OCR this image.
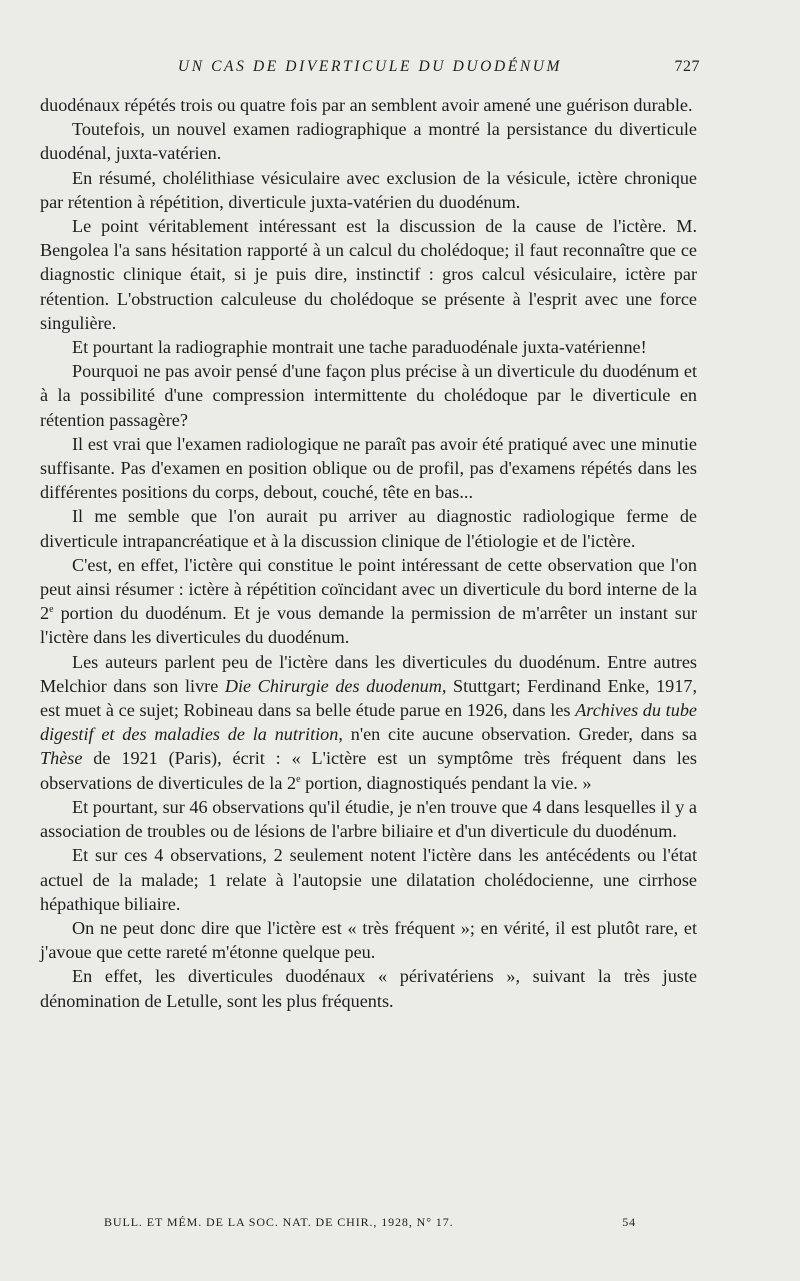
UN CAS DE DIVERTICULE DU DUODÉNUM	727

duodénaux répétés trois ou quatre fois par an semblent avoir amené une guérison durable.

Toutefois, un nouvel examen radiographique a montré la persistance du diverticule duodénal, juxta-vatérien.

En résumé, cholélithiase vésiculaire avec exclusion de la vésicule, ictère chronique par rétention à répétition, diverticule juxta-vatérien du duodénum.

Le point véritablement intéressant est la discussion de la cause de l'ictère. M. Bengolea l'a sans hésitation rapporté à un calcul du cholédoque; il faut reconnaître que ce diagnostic clinique était, si je puis dire, instinctif : gros calcul vésiculaire, ictère par rétention. L'obstruction calculeuse du cholédoque se présente à l'esprit avec une force singulière.

Et pourtant la radiographie montrait une tache paraduodénale juxta-vatérienne!

Pourquoi ne pas avoir pensé d'une façon plus précise à un diverticule du duodénum et à la possibilité d'une compression intermittente du cholédoque par le diverticule en rétention passagère?

Il est vrai que l'examen radiologique ne paraît pas avoir été pratiqué avec une minutie suffisante. Pas d'examen en position oblique ou de profil, pas d'examens répétés dans les différentes positions du corps, debout, couché, tête en bas...

Il me semble que l'on aurait pu arriver au diagnostic radiologique ferme de diverticule intrapancréatique et à la discussion clinique de l'étiologie et de l'ictère.

C'est, en effet, l'ictère qui constitue le point intéressant de cette observation que l'on peut ainsi résumer : ictère à répétition coïncidant avec un diverticule du bord interne de la 2e portion du duodénum. Et je vous demande la permission de m'arrêter un instant sur l'ictère dans les diverticules du duodénum.

Les auteurs parlent peu de l'ictère dans les diverticules du duodénum. Entre autres Melchior dans son livre Die Chirurgie des duodenum, Stuttgart; Ferdinand Enke, 1917, est muet à ce sujet; Robineau dans sa belle étude parue en 1926, dans les Archives du tube digestif et des maladies de la nutrition, n'en cite aucune observation. Greder, dans sa Thèse de 1921 (Paris), écrit : « L'ictère est un symptôme très fréquent dans les observations de diverticules de la 2e portion, diagnostiqués pendant la vie. »

Et pourtant, sur 46 observations qu'il étudie, je n'en trouve que 4 dans lesquelles il y a association de troubles ou de lésions de l'arbre biliaire et d'un diverticule du duodénum.

Et sur ces 4 observations, 2 seulement notent l'ictère dans les antécédents ou l'état actuel de la malade; 1 relate à l'autopsie une dilatation cholédocienne, une cirrhose hépathique biliaire.

On ne peut donc dire que l'ictère est « très fréquent »; en vérité, il est plutôt rare, et j'avoue que cette rareté m'étonne quelque peu.

En effet, les diverticules duodénaux « périvatériens », suivant la très juste dénomination de Letulle, sont les plus fréquents.

BULL. ET MÉM. DE LA SOC. NAT. DE CHIR., 1928, N° 17.	54
